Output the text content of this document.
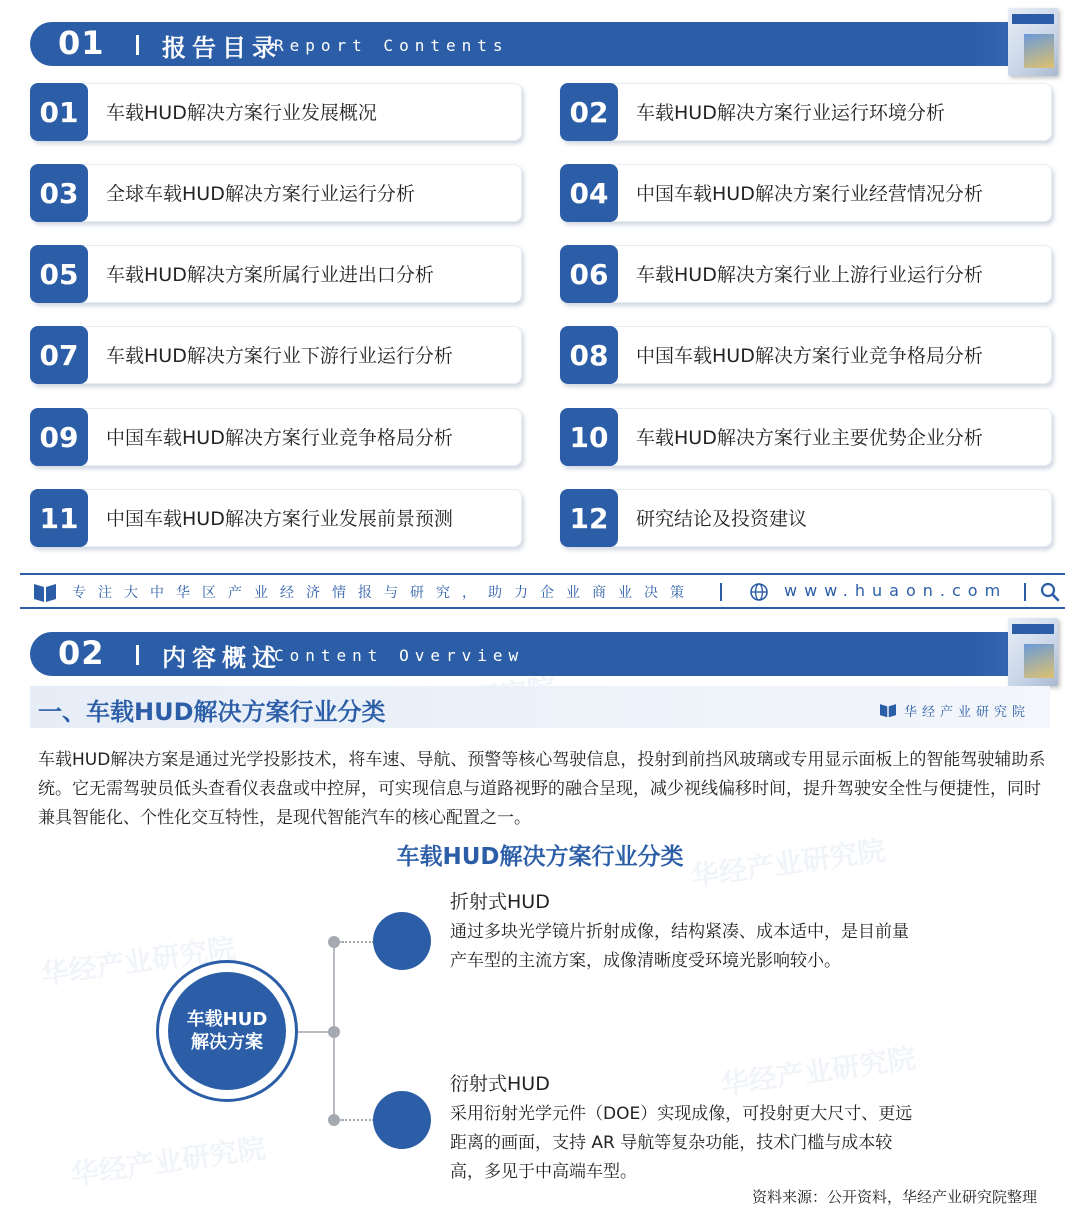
华经产业研究院
华经产业研究院
华经产业研究院
华经产业研究院
01 报告目录
Report Contents
01	车载HUD解决方案行业发展概况	02	车载HUD解决方案行业运行环境分析
03	全球车载HUD解决方案行业运行分析	04	中国车载HUD解决方案行业经营情况分析
05	车载HUD解决方案所属行业进出口分析	06	车载HUD解决方案行业上游行业运行分析
07	车载HUD解决方案行业下游行业运行分析	08	中国车载HUD解决方案行业竞争格局分析
09	中国车载HUD解决方案行业竞争格局分析	10	车载HUD解决方案行业主要优势企业分析
11	中国车载HUD解决方案行业发展前景预测	12	研究结论及投资建议
专注大中华区产业经济情报与研究，助力企业商业决策	www.huaon.com
02 内容概述
Content Overview
一、车载HUD解决方案行业分类	华经产业研究院
车载HUD解决方案是通过光学投影技术，将车速、导航、预警等核心驾驶信息，投射到前挡风玻璃或专用显示面板上的智能驾驶辅助系统。它无需驾驶员低头查看仪表盘或中控屏，可实现信息与道路视野的融合呈现，减少视线偏移时间，提升驾驶安全性与便捷性，同时兼具智能化、个性化交互特性，是现代智能汽车的核心配置之一。
车载HUD解决方案行业分类
车载HUD
解决方案
折射式HUD
通过多块光学镜片折射成像，结构紧凑、成本适中，是目前量产车型的主流方案，成像清晰度受环境光影响较小。
衍射式HUD
采用衍射光学元件（DOE）实现成像，可投射更大尺寸、更远距离的画面，支持 AR 导航等复杂功能，技术门槛与成本较高，多见于中高端车型。
资料来源：公开资料，华经产业研究院整理
